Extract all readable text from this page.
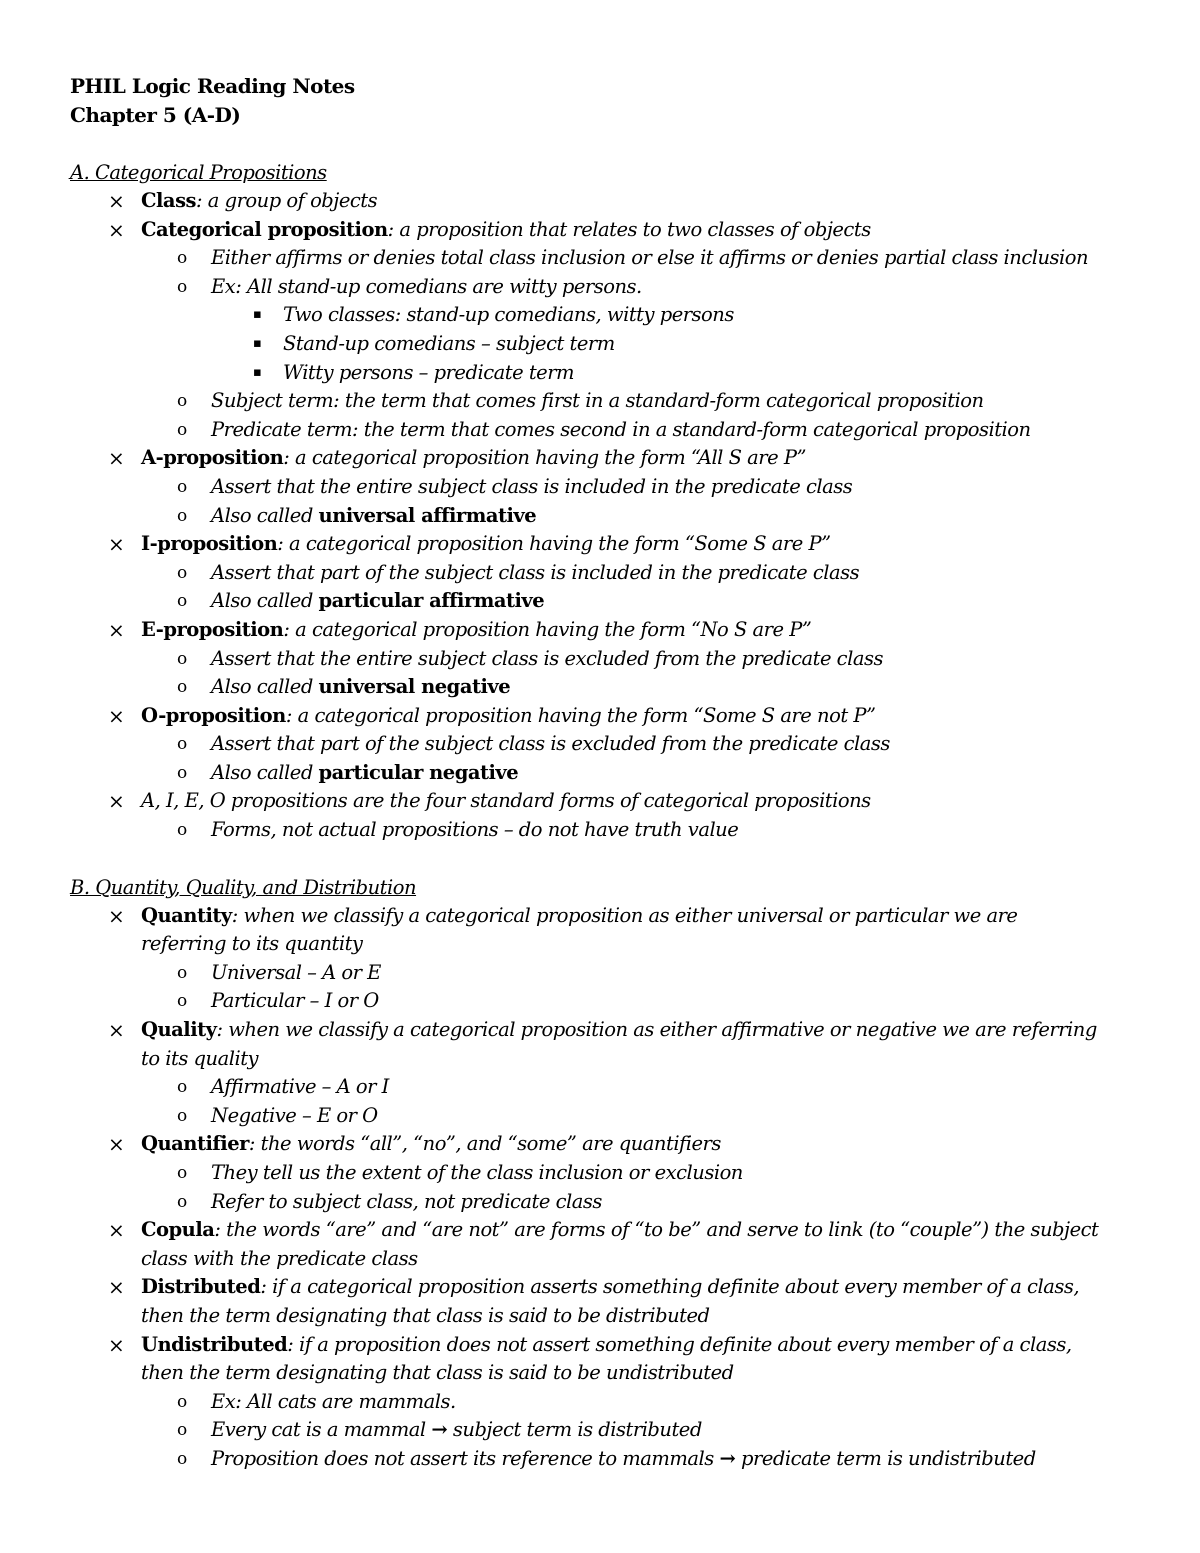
PHIL Logic Reading Notes
Chapter 5 (A-D)
A. Categorical Propositions
× Class: a group of objects
× Categorical proposition: a proposition that relates to two classes of objects
o Either affirms or denies total class inclusion or else it affirms or denies partial class inclusion
o Ex: All stand-up comedians are witty persons.
▪ Two classes: stand-up comedians, witty persons
▪ Stand-up comedians – subject term
▪ Witty persons – predicate term
o Subject term: the term that comes first in a standard-form categorical proposition
o Predicate term: the term that comes second in a standard-form categorical proposition
× A-proposition: a categorical proposition having the form “All S are P”
o Assert that the entire subject class is included in the predicate class
o Also called universal affirmative
× I-proposition: a categorical proposition having the form “Some S are P”
o Assert that part of the subject class is included in the predicate class
o Also called particular affirmative
× E-proposition: a categorical proposition having the form “No S are P”
o Assert that the entire subject class is excluded from the predicate class
o Also called universal negative
× O-proposition: a categorical proposition having the form “Some S are not P”
o Assert that part of the subject class is excluded from the predicate class
o Also called particular negative
× A, I, E, O propositions are the four standard forms of categorical propositions
o Forms, not actual propositions – do not have truth value
B. Quantity, Quality, and Distribution
× Quantity: when we classify a categorical proposition as either universal or particular we are
referring to its quantity
o Universal – A or E
o Particular – I or O
× Quality: when we classify a categorical proposition as either affirmative or negative we are referring
to its quality
o Affirmative – A or I
o Negative – E or O
× Quantifier: the words “all”, “no”, and “some” are quantifiers
o They tell us the extent of the class inclusion or exclusion
o Refer to subject class, not predicate class
× Copula: the words “are” and “are not” are forms of “to be” and serve to link (to “couple”) the subject
class with the predicate class
× Distributed: if a categorical proposition asserts something definite about every member of a class,
then the term designating that class is said to be distributed
× Undistributed: if a proposition does not assert something definite about every member of a class,
then the term designating that class is said to be undistributed
o Ex: All cats are mammals.
o Every cat is a mammal → subject term is distributed
o Proposition does not assert its reference to mammals → predicate term is undistributed
